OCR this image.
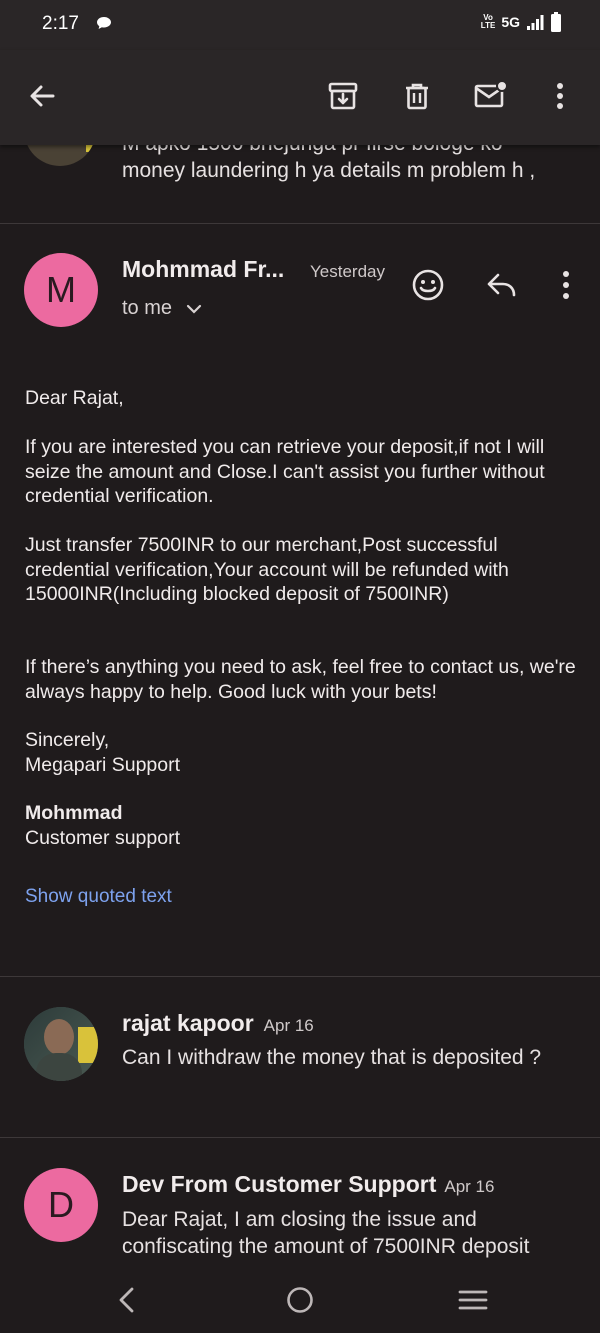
2:17	Vo
LTE 5G
money laundering h ya details m problem h ,
M	Mohmmad Fr... Yesterday
to me
Dear Rajat,
If you are interested you can retrieve your deposit,if not I will seize the amount and Close.I can't assist you further without credential verification.
Just transfer 7500INR to our merchant,Post successful credential verification,Your account will be refunded with 15000INR(Including blocked deposit of 7500INR)
If there’s anything you need to ask, feel free to contact us, we're always happy to help. Good luck with your bets!
Sincerely,
Megapari Support
Mohmmad
Customer support
Show quoted text
rajat kapoor Apr 16
Can I withdraw the money that is deposited ?
D	Dev From Customer Support Apr 16
Dear Rajat, I am closing the issue and
confiscating the amount of 7500INR deposit
